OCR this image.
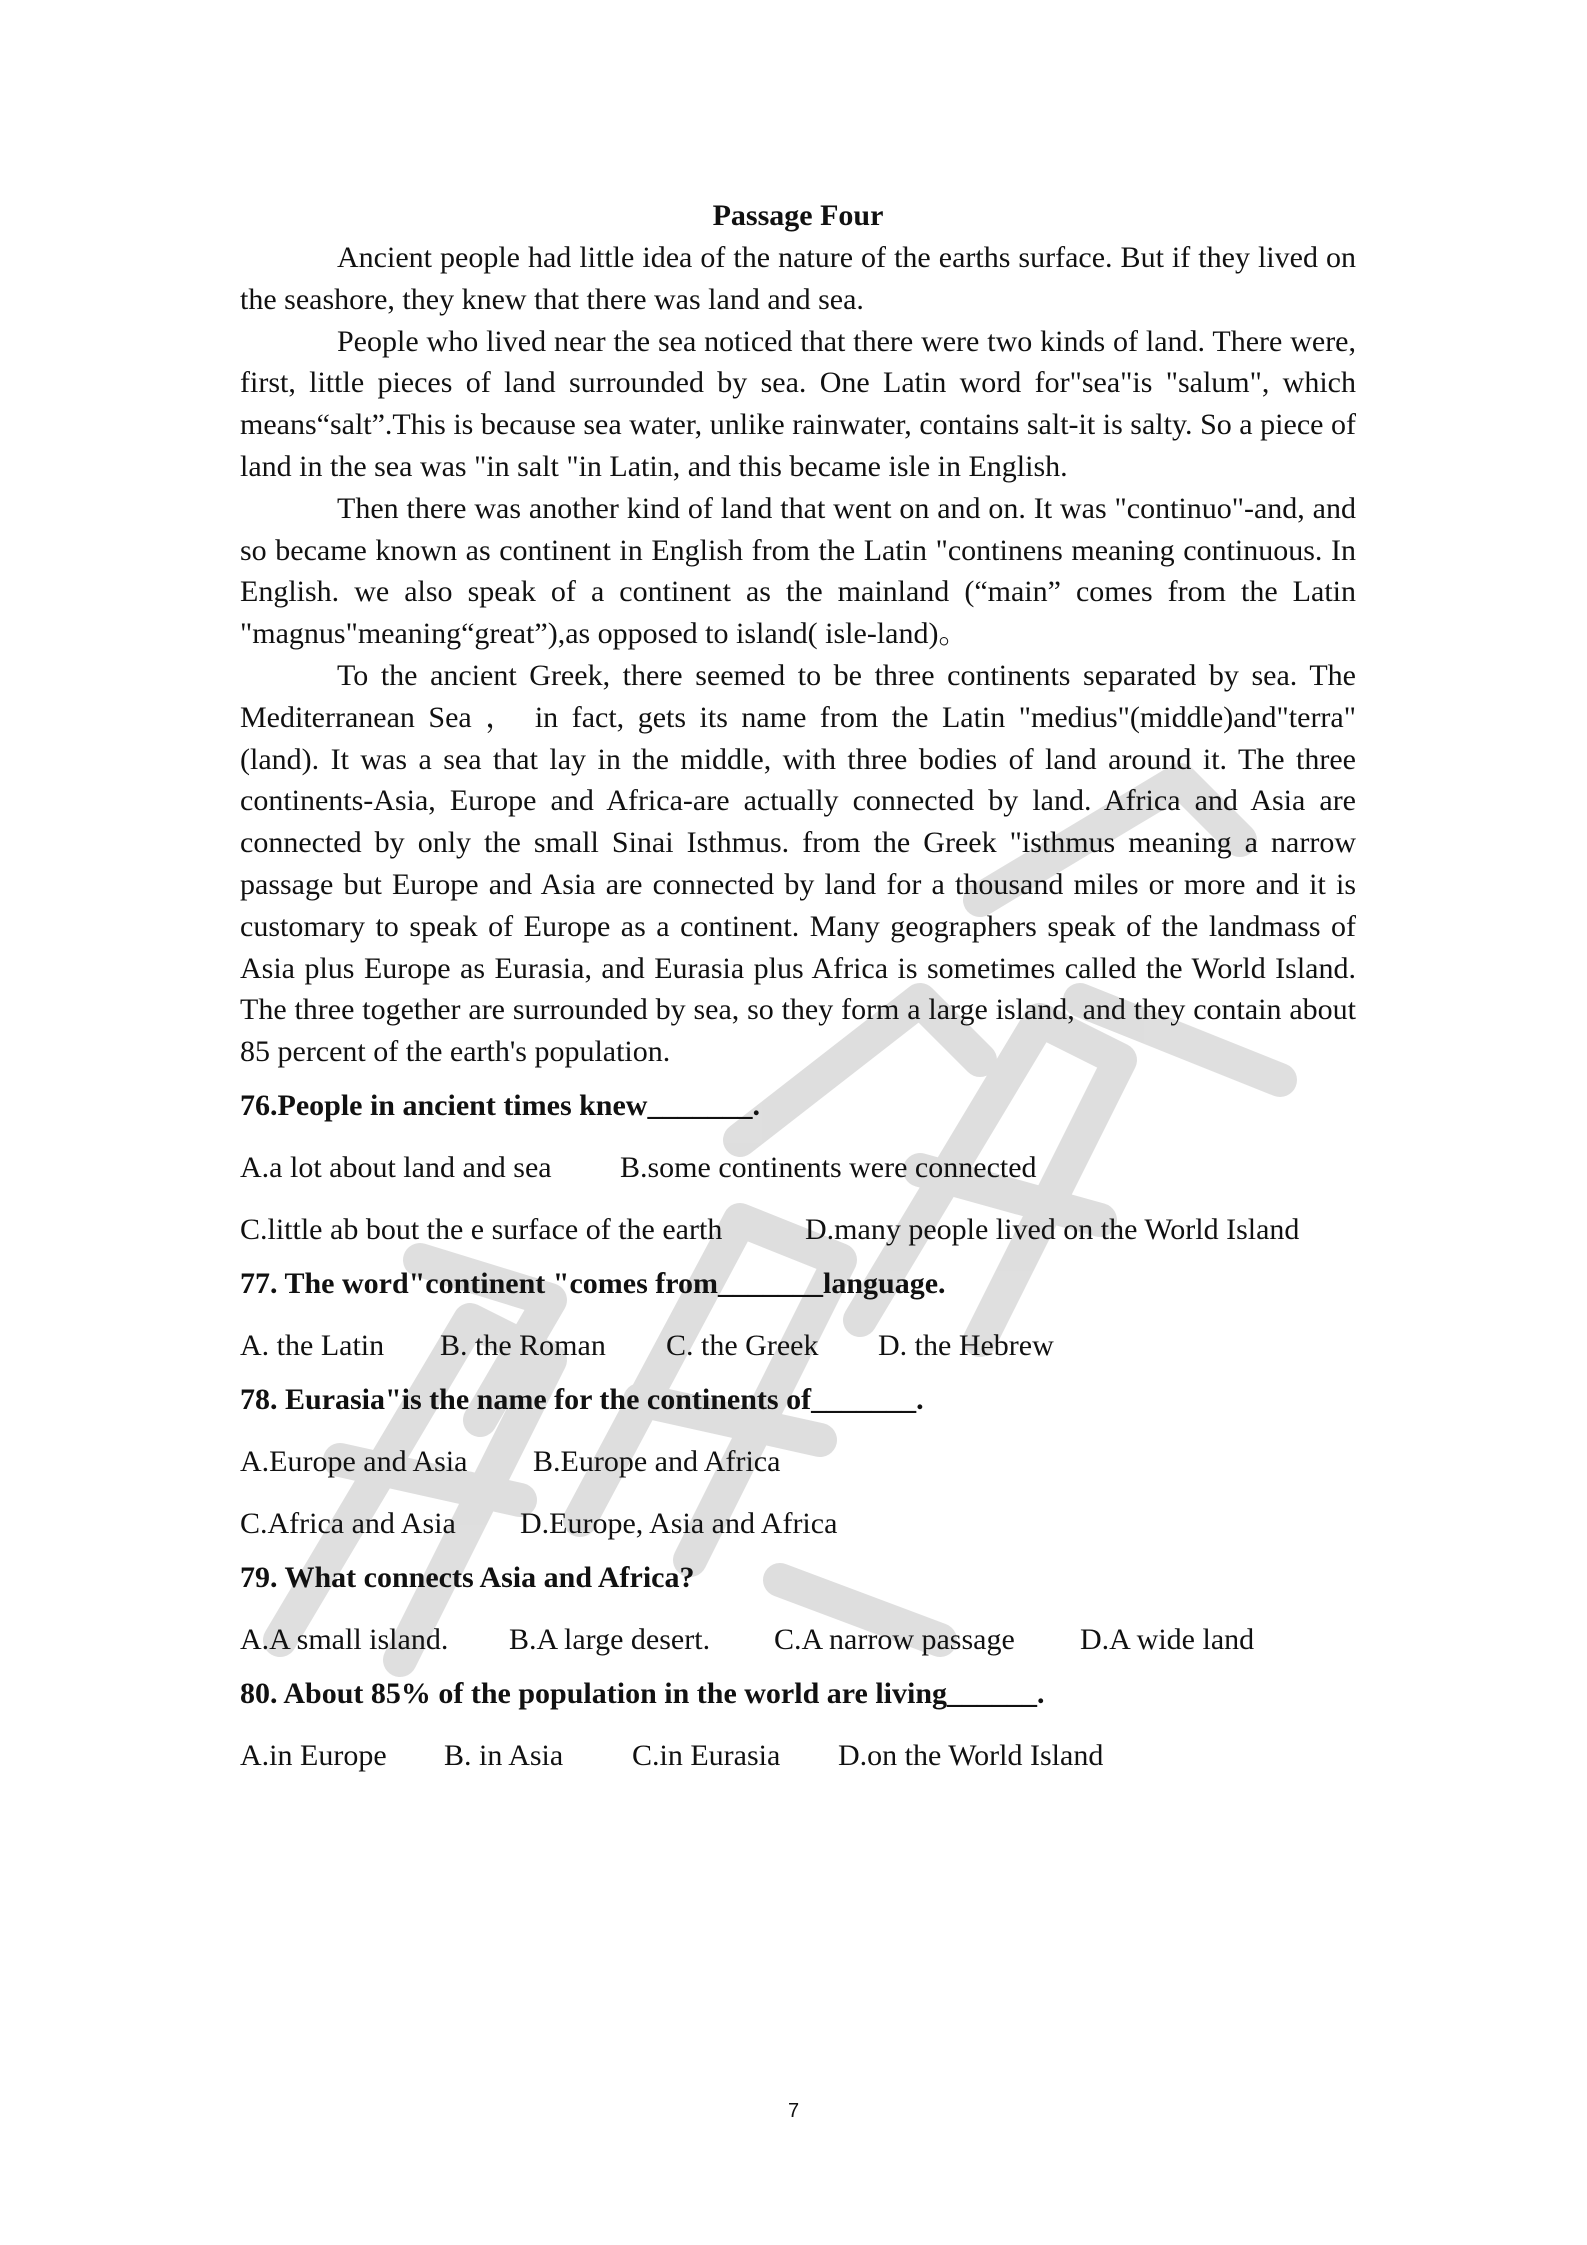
Passage Four

Ancient people had little idea of the nature of the earths surface. But if they lived on the seashore, they knew that there was land and sea.

People who lived near the sea noticed that there were two kinds of land. There were, first, little pieces of land surrounded by sea. One Latin word for"sea"is "salum", which means“salt”.This is because sea water, unlike rainwater, contains salt-it is salty. So a piece of land in the sea was "in salt "in Latin, and this became isle in English.

Then there was another kind of land that went on and on. It was "continuo"-and, and so became known as continent in English from the Latin "continens meaning continuous. In English. we also speak of a continent as the mainland (“main” comes from the Latin "magnus"meaning“great”),as opposed to island( isle-land)。

To the ancient Greek, there seemed to be three continents separated by sea. The Mediterranean Sea ， in fact, gets its name from the Latin "medius"(middle)and"terra"(land). It was a sea that lay in the middle, with three bodies of land around it. The three continents-Asia, Europe and Africa-are actually connected by land. Africa and Asia are connected by only the small Sinai Isthmus. from the Greek "isthmus meaning a narrow passage but Europe and Asia are connected by land for a thousand miles or more and it is customary to speak of Europe as a continent. Many geographers speak of the landmass of Asia plus Europe as Eurasia, and Eurasia plus Africa is sometimes called the World Island. The three together are surrounded by sea, so they form a large island, and they contain about 85 percent of the earth's population.

76.People in ancient times knew_______.
A.a lot about land and sea B.some continents were connected
C.little ab bout the e surface of the earth	D.many people lived on the World Island
77. The word"continent "comes from_______language.
A. the Latin B. the Roman C. the Greek D. the Hebrew
78. Eurasia"is the name for the continents of_______.
A.Europe and Asia B.Europe and Africa
C.Africa and Asia D.Europe, Asia and Africa
79. What connects Asia and Africa?
A.A small island. B.A large desert. C.A narrow passage D.A wide land
80. About 85% of the population in the world are living______.
A.in Europe B. in Asia C.in Eurasia D.on the World Island
7
